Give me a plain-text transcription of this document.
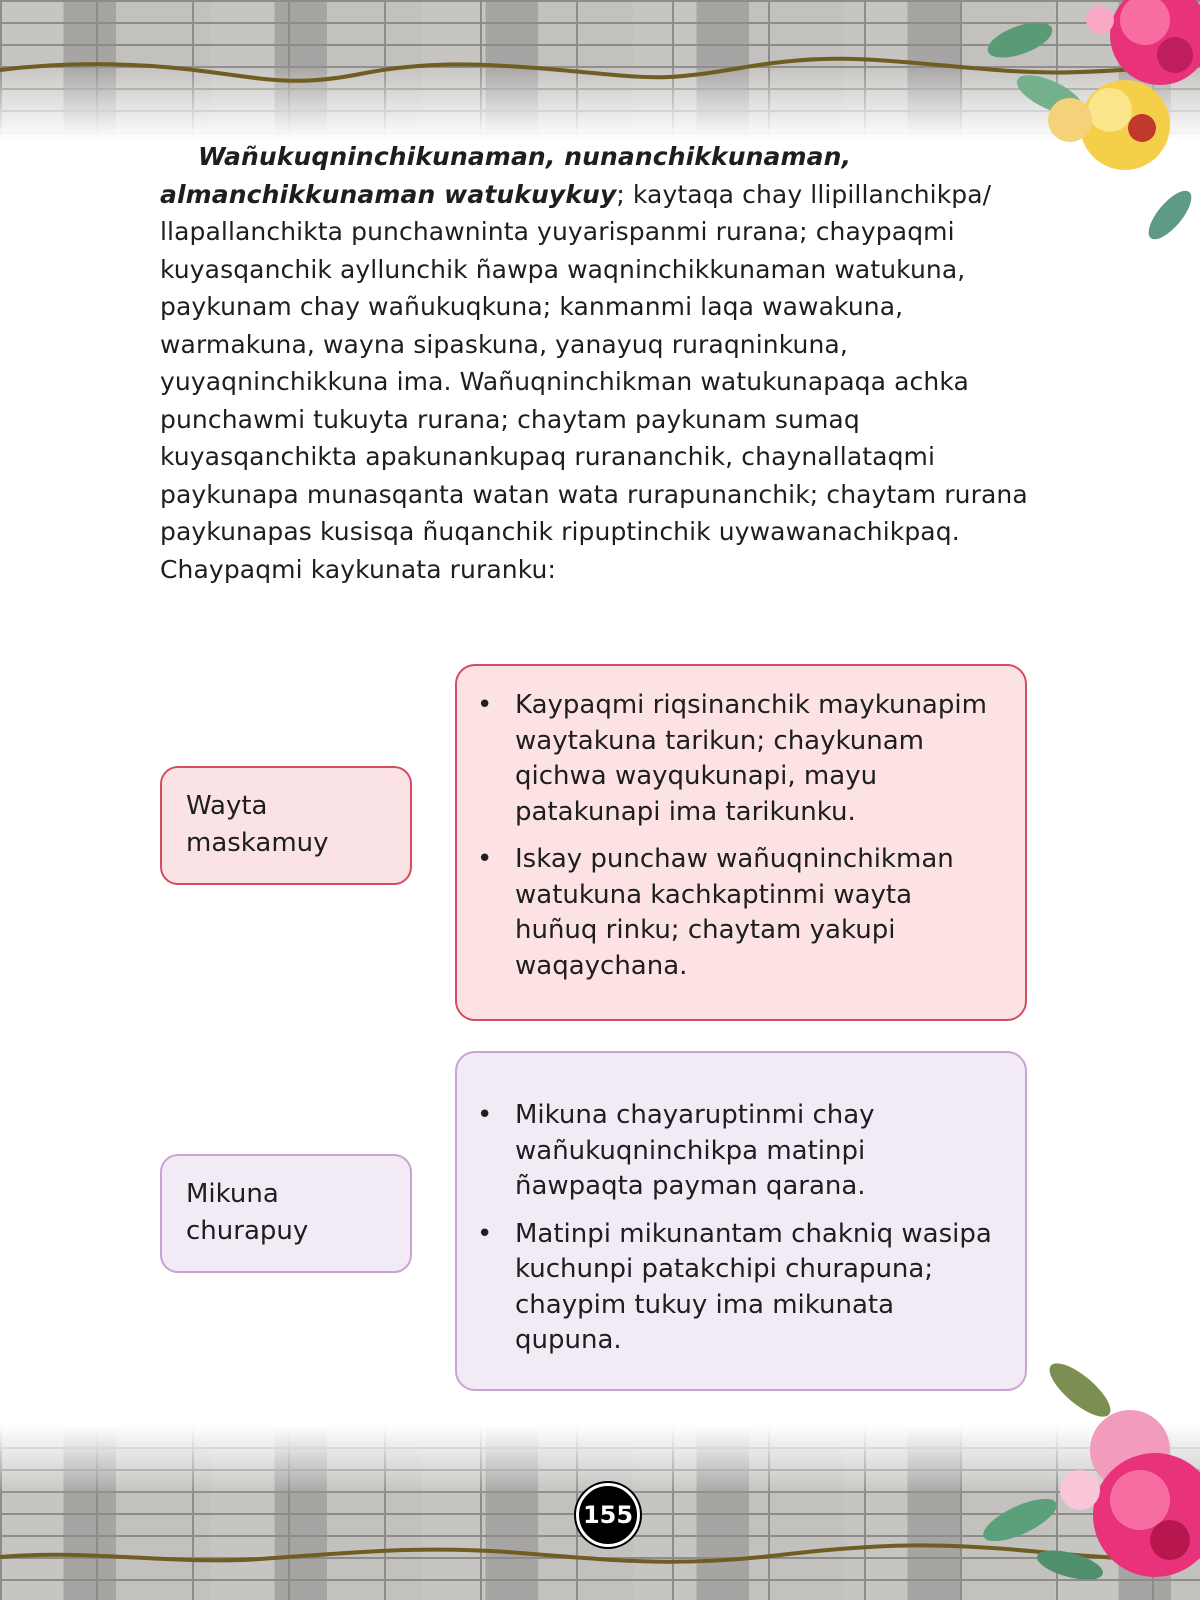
Wañukuqninchikunaman, nunanchikkunaman, almanchikkunaman watukuykuy; kaytaqa chay llipillanchikpa/ llapallanchikta punchawninta yuyarispanmi rurana; chaypaqmi kuyasqanchik ayllunchik ñawpa waqninchikkunaman watukuna, paykunam chay wañukuqkuna; kanmanmi laqa wawakuna, warmakuna, wayna sipaskuna, yanayuq ruraqninkuna, yuyaqninchikkuna ima. Wañuqninchikman watukunapaqa achka punchawmi tukuyta rurana; chaytam paykunam sumaq kuyasqanchikta apakunankupaq rurananchik, chaynallataqmi paykunapa munasqanta watan wata rurapunanchik; chaytam rurana paykunapas kusisqa ñuqanchik ripuptinchik uywawanachikpaq. Chaypaqmi kaykunata ruranku:
Wayta maskamuy
• Kaypaqmi riqsinanchik maykunapim waytakuna tarikun; chaykunam qichwa wayqukunapi, mayu patakunapi ima tarikunku.
• Iskay punchaw wañuqninchikman watukuna kachkaptinmi wayta huñuq rinku; chaytam yakupi waqaychana.
Mikuna churapuy
• Mikuna chayaruptinmi chay wañukuqninchikpa matinpi ñawpaqta payman qarana.
• Matinpi mikunantam chakniq wasipa kuchunpi patakchipi churapuna; chaypim tukuy ima mikunata qupuna.
155
